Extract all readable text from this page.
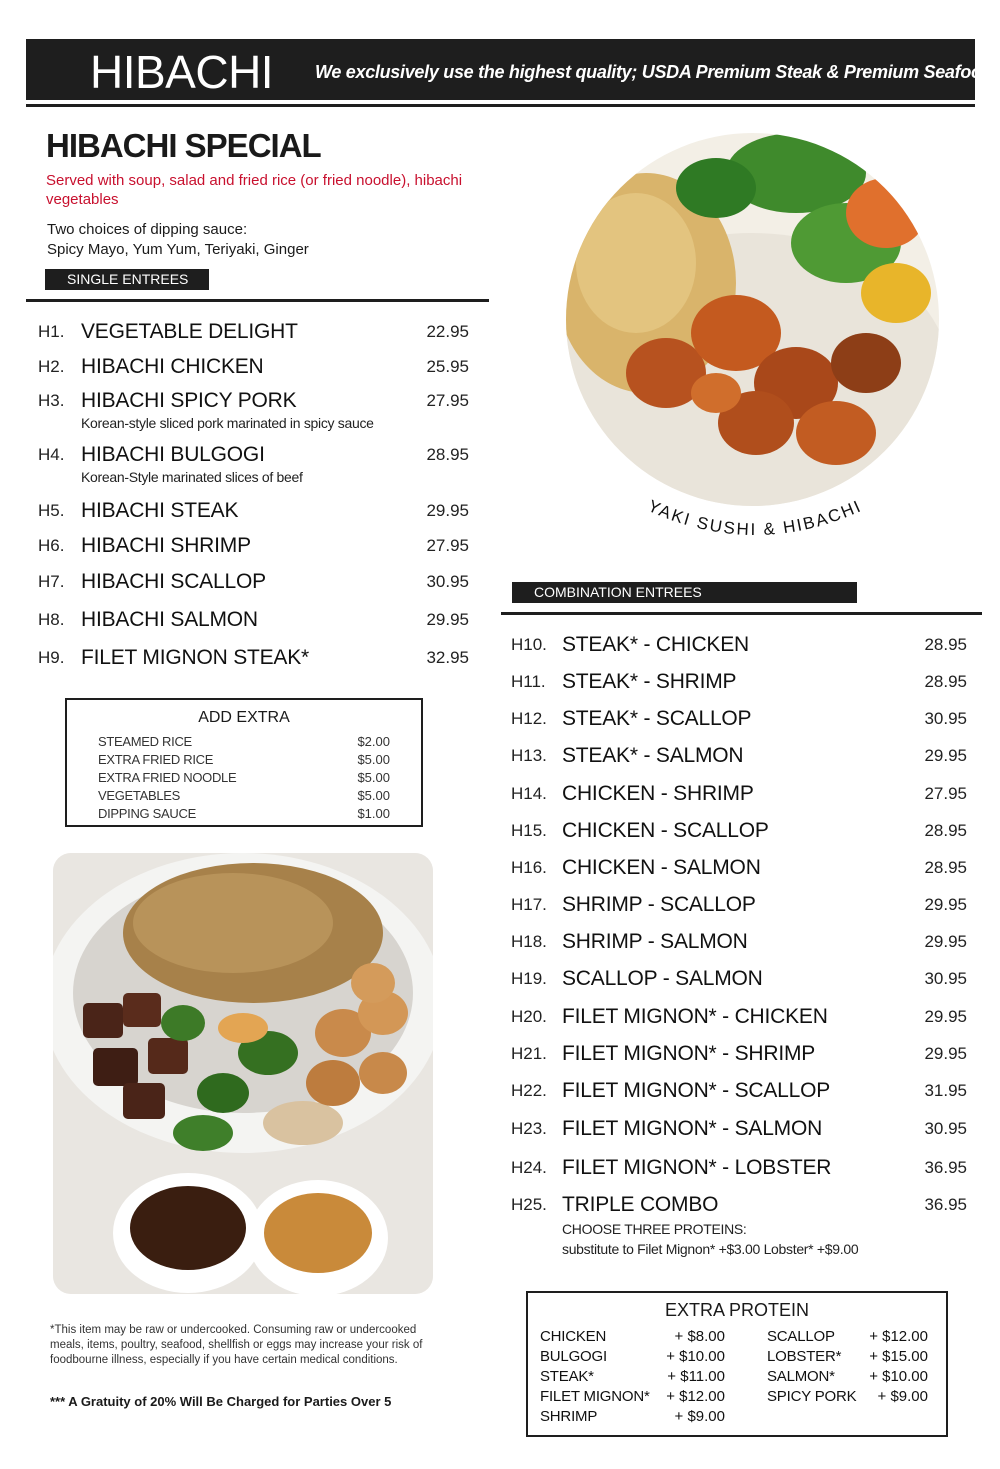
HIBACHI We exclusively use the highest quality; USDA Premium Steak & Premium Seafood.
HIBACHI SPECIAL
Served with soup, salad and fried rice (or fried noodle), hibachi vegetables
Two choices of dipping sauce:
Spicy Mayo, Yum Yum, Teriyaki, Ginger
SINGLE ENTREES
H1. VEGETABLE DELIGHT	22.95
H2. HIBACHI CHICKEN	25.95
H3. HIBACHI SPICY PORK
Korean-style sliced pork marinated in spicy sauce
27.95
H4. HIBACHI BULGOGI
Korean-Style marinated slices of beef
28.95
H5. HIBACHI STEAK	29.95
H6. HIBACHI SHRIMP	27.95
H7. HIBACHI SCALLOP	30.95
H8. HIBACHI SALMON	29.95
H9. FILET MIGNON STEAK*	32.95
ADD EXTRA
STEAMED RICE	$2.00
EXTRA FRIED RICE	$5.00
EXTRA FRIED NOODLE	$5.00
VEGETABLES	$5.00
DIPPING SAUCE	$1.00
YAKI SUSHI & HIBACHI
COMBINATION ENTREES
H10. STEAK* - CHICKEN	28.95
H11. STEAK* - SHRIMP	28.95
H12. STEAK* - SCALLOP	30.95
H13. STEAK* - SALMON	29.95
H14. CHICKEN - SHRIMP	27.95
H15. CHICKEN - SCALLOP	28.95
H16. CHICKEN - SALMON	28.95
H17. SHRIMP - SCALLOP	29.95
H18. SHRIMP - SALMON	29.95
H19. SCALLOP - SALMON	30.95
H20. FILET MIGNON* - CHICKEN	29.95
H21. FILET MIGNON* - SHRIMP	29.95
H22. FILET MIGNON* - SCALLOP	31.95
H23. FILET MIGNON* - SALMON	30.95
H24. FILET MIGNON* - LOBSTER	36.95
H25. TRIPLE COMBO	36.95
CHOOSE THREE PROTEINS:
substitute to Filet Mignon* +$3.00 Lobster* +$9.00
*This item may be raw or undercooked. Consuming raw or undercooked meals, items, poultry, seafood, shellfish or eggs may increase your risk of foodbourne illness, especially if you have certain medical conditions.
*** A Gratuity of 20% Will Be Charged for Parties Over 5
EXTRA PROTEIN
CHICKEN	+ $8.00
BULGOGI	+ $10.00
STEAK*	+ $11.00
FILET MIGNON*	+ $12.00
SHRIMP	+ $9.00
SCALLOP	+ $12.00
LOBSTER*	+ $15.00
SALMON*	+ $10.00
SPICY PORK	+ $9.00
